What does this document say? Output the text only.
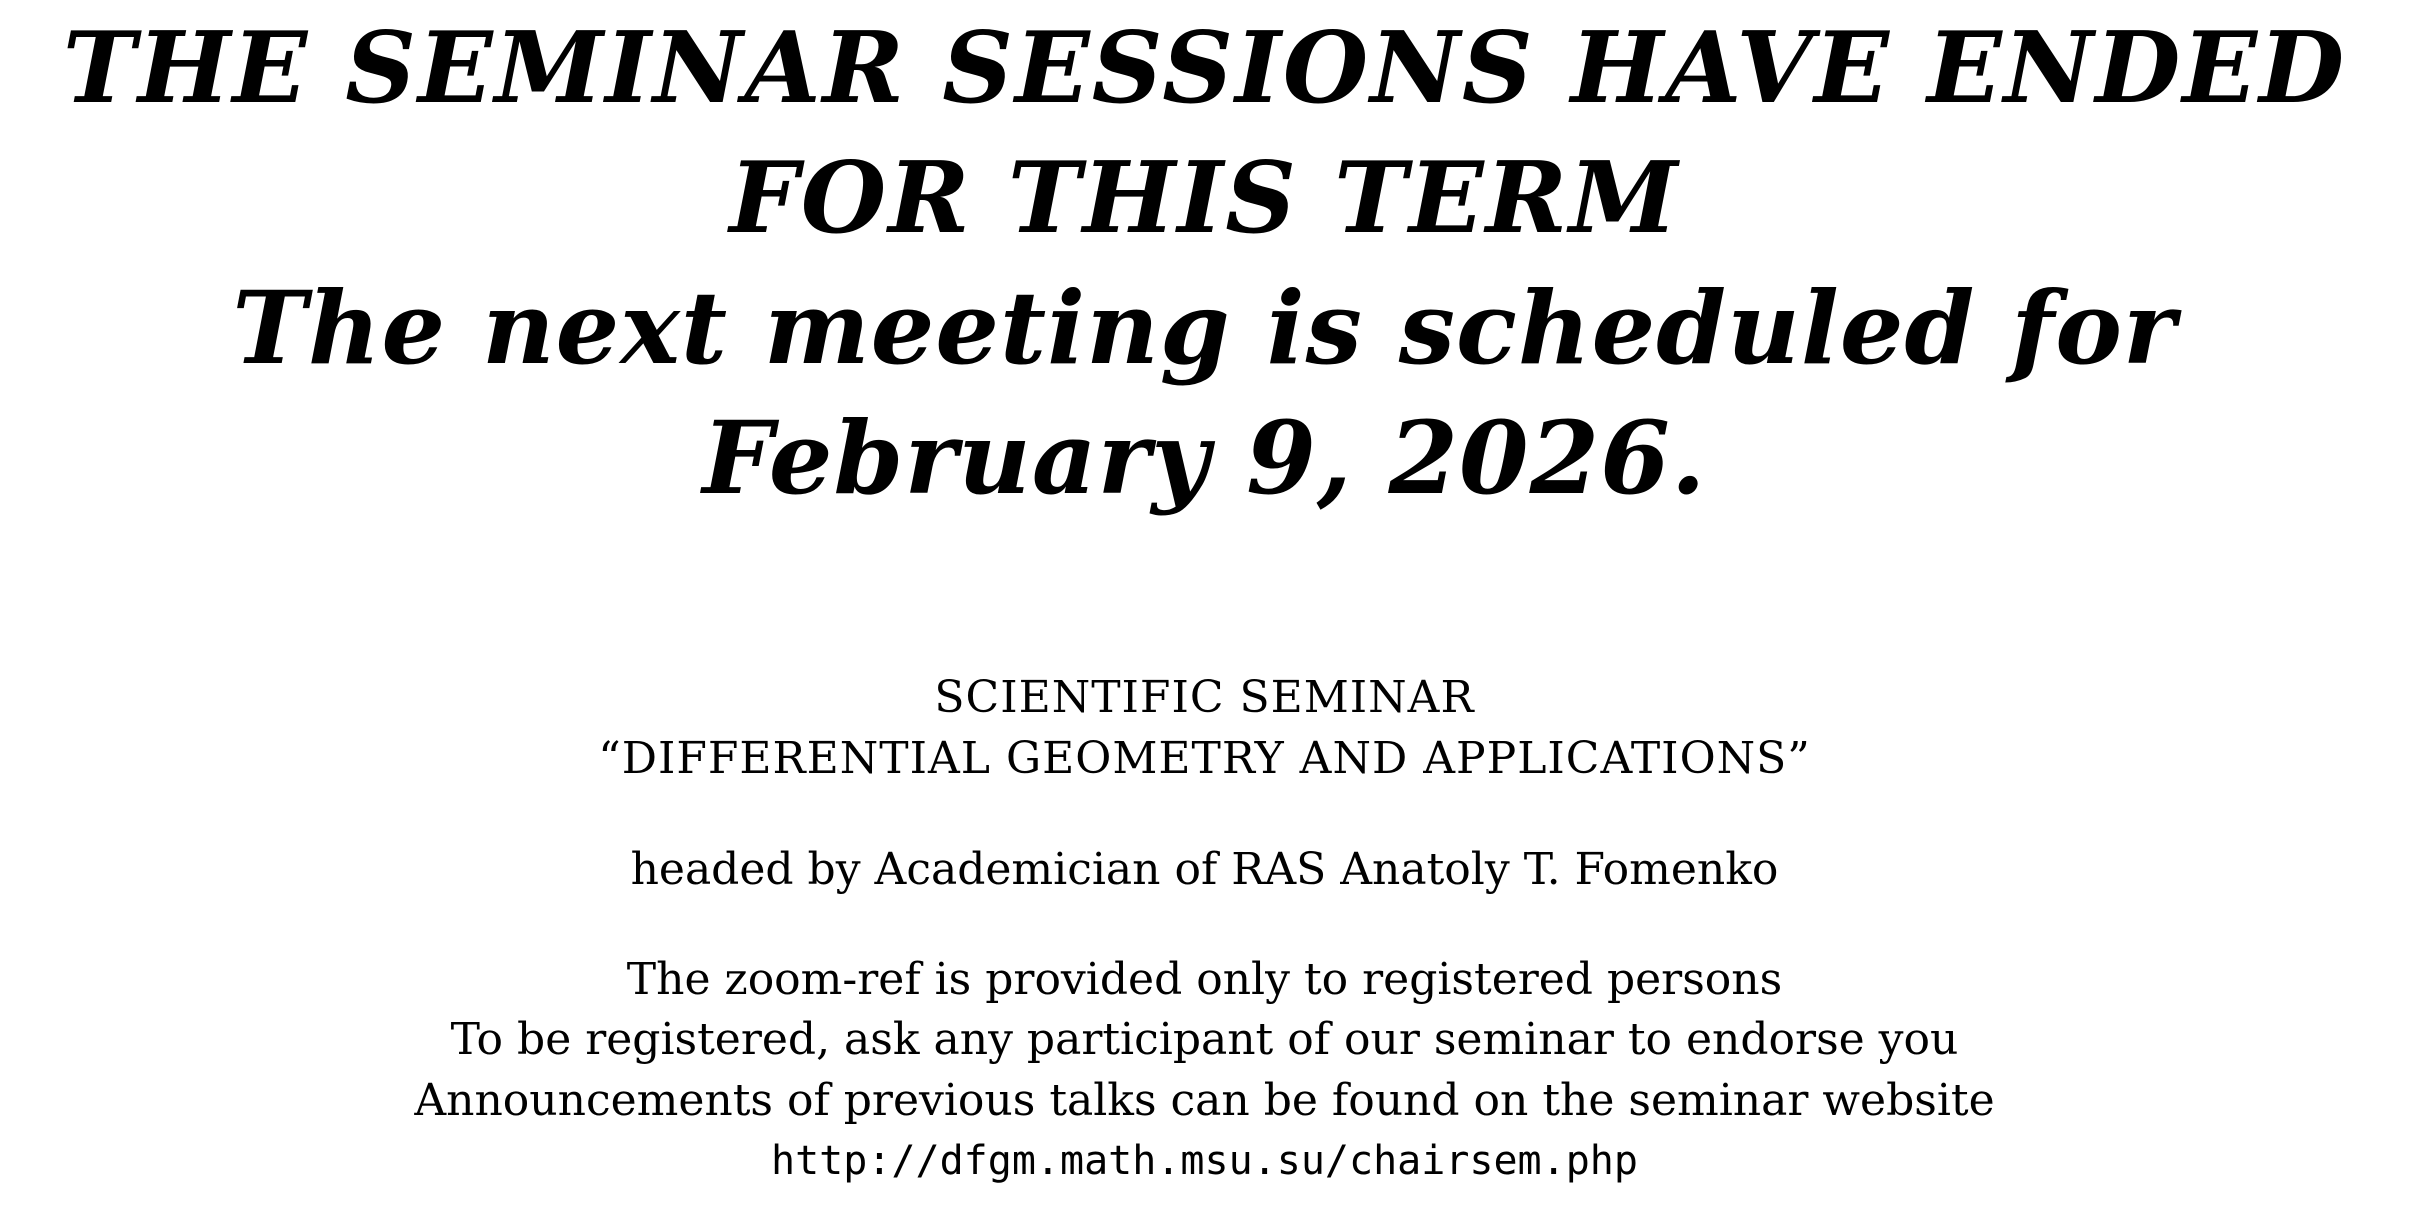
THE SEMINAR SESSIONS HAVE ENDED
FOR THIS TERM
The next meeting is scheduled for
February 9, 2026.
SCIENTIFIC SEMINAR
“DIFFERENTIAL GEOMETRY AND APPLICATIONS”
headed by Academician of RAS Anatoly T. Fomenko
The zoom-ref is provided only to registered persons
To be registered, ask any participant of our seminar to endorse you
Announcements of previous talks can be found on the seminar website
http://dfgm.math.msu.su/chairsem.php
